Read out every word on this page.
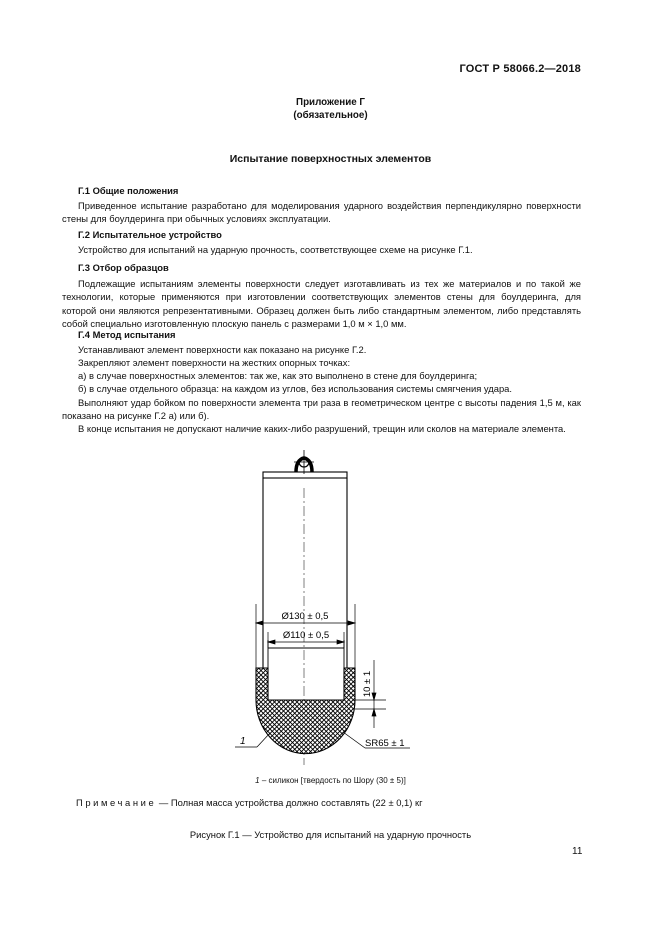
ГОСТ Р 58066.2—2018
Приложение Г
(обязательное)
Испытание поверхностных элементов
Г.1 Общие положения
Приведенное испытание разработано для моделирования ударного воздействия перпендикулярно поверхности стены для боулдеринга при обычных условиях эксплуатации.
Г.2 Испытательное устройство
Устройство для испытаний на ударную прочность, соответствующее схеме на рисунке Г.1.
Г.3 Отбор образцов
Подлежащие испытаниям элементы поверхности следует изготавливать из тех же материалов и по такой же технологии, которые применяются при изготовлении соответствующих элементов стены для боулдеринга, для которой они являются репрезентативными. Образец должен быть либо стандартным элементом, либо представлять собой специально изготовленную плоскую панель с размерами 1,0 м × 1,0 мм.
Г.4 Метод испытания
Устанавливают элемент поверхности как показано на рисунке Г.2.
Закрепляют элемент поверхности на жестких опорных точках:
а) в случае поверхностных элементов: так же, как это выполнено в стене для боулдеринга;
б) в случае отдельного образца: на каждом из углов, без использования системы смягчения удара.
Выполняют удар бойком по поверхности элемента три раза в геометрическом центре с высоты падения 1,5 м, как показано на рисунке Г.2 а) или б).
В конце испытания не допускают наличие каких-либо разрушений, трещин или сколов на материале элемента.
Ø130 ± 0,5
Ø110 ± 0,5
10 ± 1
SR65 ± 1
1
1 – силикон [твердость по Шору (30 ± 5)]
Примечание — Полная масса устройства должно составлять (22 ± 0,1) кг
Рисунок Г.1 — Устройство для испытаний на ударную прочность
11
